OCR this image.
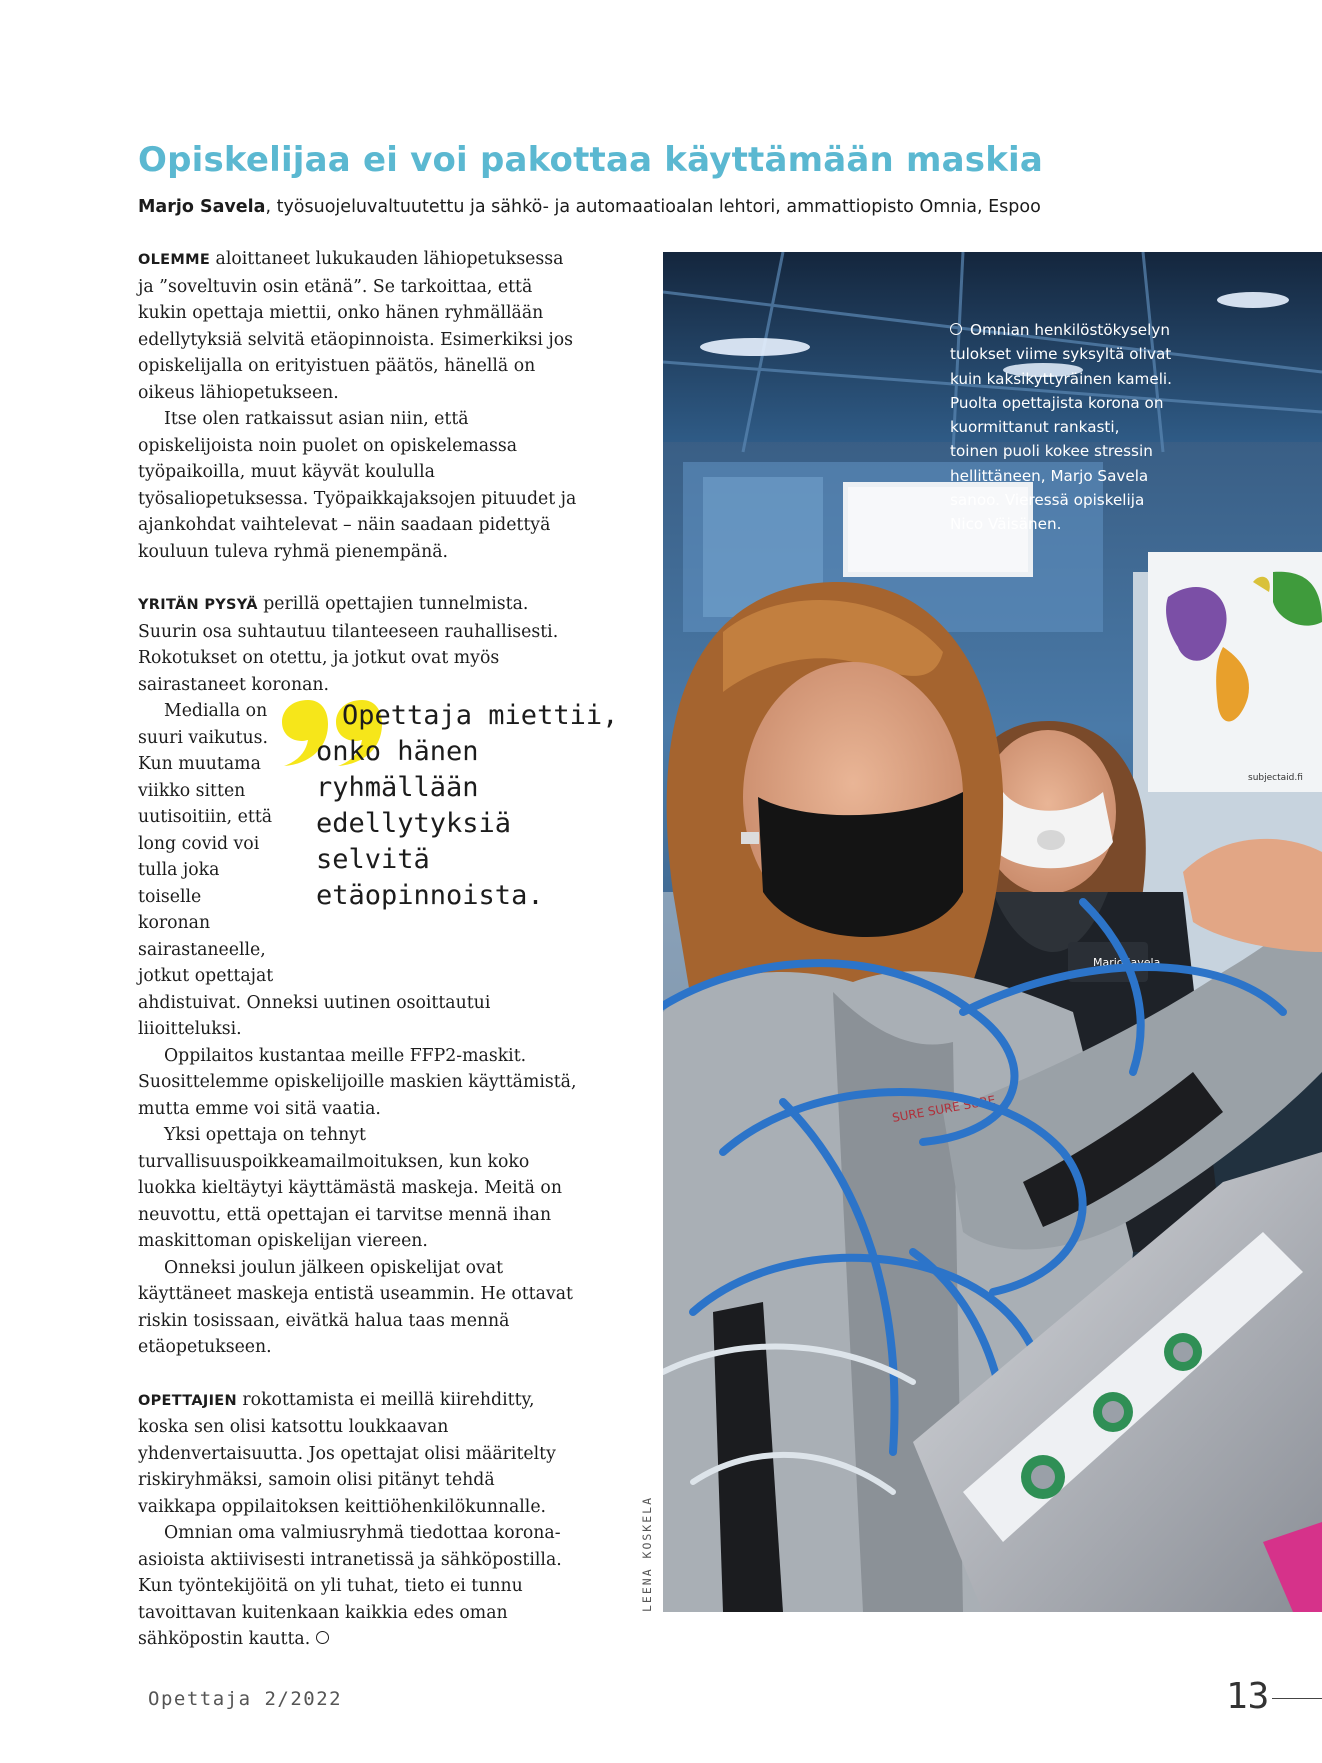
Opiskelijaa ei voi pakottaa käyttämään maskia
Marjo Savela, työsuojeluvaltuutettu ja sähkö- ja automaatioalan lehtori, ammattiopisto Omnia, Espoo

OLEMME aloittaneet lukukauden lähiopetuksessa ja ”soveltuvin osin etänä”. Se tarkoittaa, että kukin opettaja miettii, onko hänen ryhmällään edellytyksiä selvitä etäopinnoista. Esimerkiksi jos opiskelijalla on erityistuen päätös, hänellä on oikeus lähiopetukseen.

Itse olen ratkaissut asian niin, että opiskelijoista noin puolet on opiskelemassa työpaikoilla, muut käyvät koululla työsaliopetuksessa. Työpaikkajaksojen pituudet ja ajankohdat vaihtelevat – näin saadaan pidettyä kouluun tuleva ryhmä pienempänä.

YRITÄN PYSYÄ perillä opettajien tunnelmista. Suurin osa suhtautuu tilanteeseen rauhallisesti. Rokotukset on otettu, ja jotkut ovat myös sairastaneet koronan.

Opettaja miettii, onko hänen ryhmällään edellytyksiä selvitä etäopinnoista.

Medialla on suuri vaikutus. Kun muutama viikko sitten uutisoitiin, että long covid voi tulla joka toiselle koronan sairastaneelle, jotkut opettajat ahdistuivat. Onneksi uutinen osoittautui liioitteluksi.

Oppilaitos kustantaa meille FFP2-maskit. Suosittelemme opiskelijoille maskien käyttämistä, mutta emme voi sitä vaatia.

Yksi opettaja on tehnyt turvallisuuspoikkeamailmoituksen, kun koko luokka kieltäytyi käyttämästä maskeja. Meitä on neuvottu, että opettajan ei tarvitse mennä ihan maskittoman opiskelijan viereen.

Onneksi joulun jälkeen opiskelijat ovat käyttäneet maskeja entistä useammin. He ottavat riskin tosissaan, eivätkä halua taas mennä etäopetukseen.

OPETTAJIEN rokottamista ei meillä kiirehditty, koska sen olisi katsottu loukkaavan yhdenvertaisuutta. Jos opettajat olisi määritelty riskiryhmäksi, samoin olisi pitänyt tehdä vaikkapa oppilaitoksen keittiöhenkilökunnalle.

Omnian oma valmiusryhmä tiedottaa korona-asioista aktiivisesti intranetissä ja sähköpostilla. Kun työntekijöitä on yli tuhat, tieto ei tunnu tavoittavan kuitenkaan kaikkia edes oman sähköpostin kautta.

MarjoSavela
subjectaid.fi
SURE SURE SURE
Omnian henkilöstökyselyn tulokset viime syksyltä olivat kuin kaksikyttyräinen kameli. Puolta opettajista korona on kuormittanut rankasti, toinen puoli kokee stressin hellittäneen, Marjo Savela sanoo. Vieressä opiskelija Nico Väisänen.
LEENA KOSKELA
Opettaja 2/2022	13
